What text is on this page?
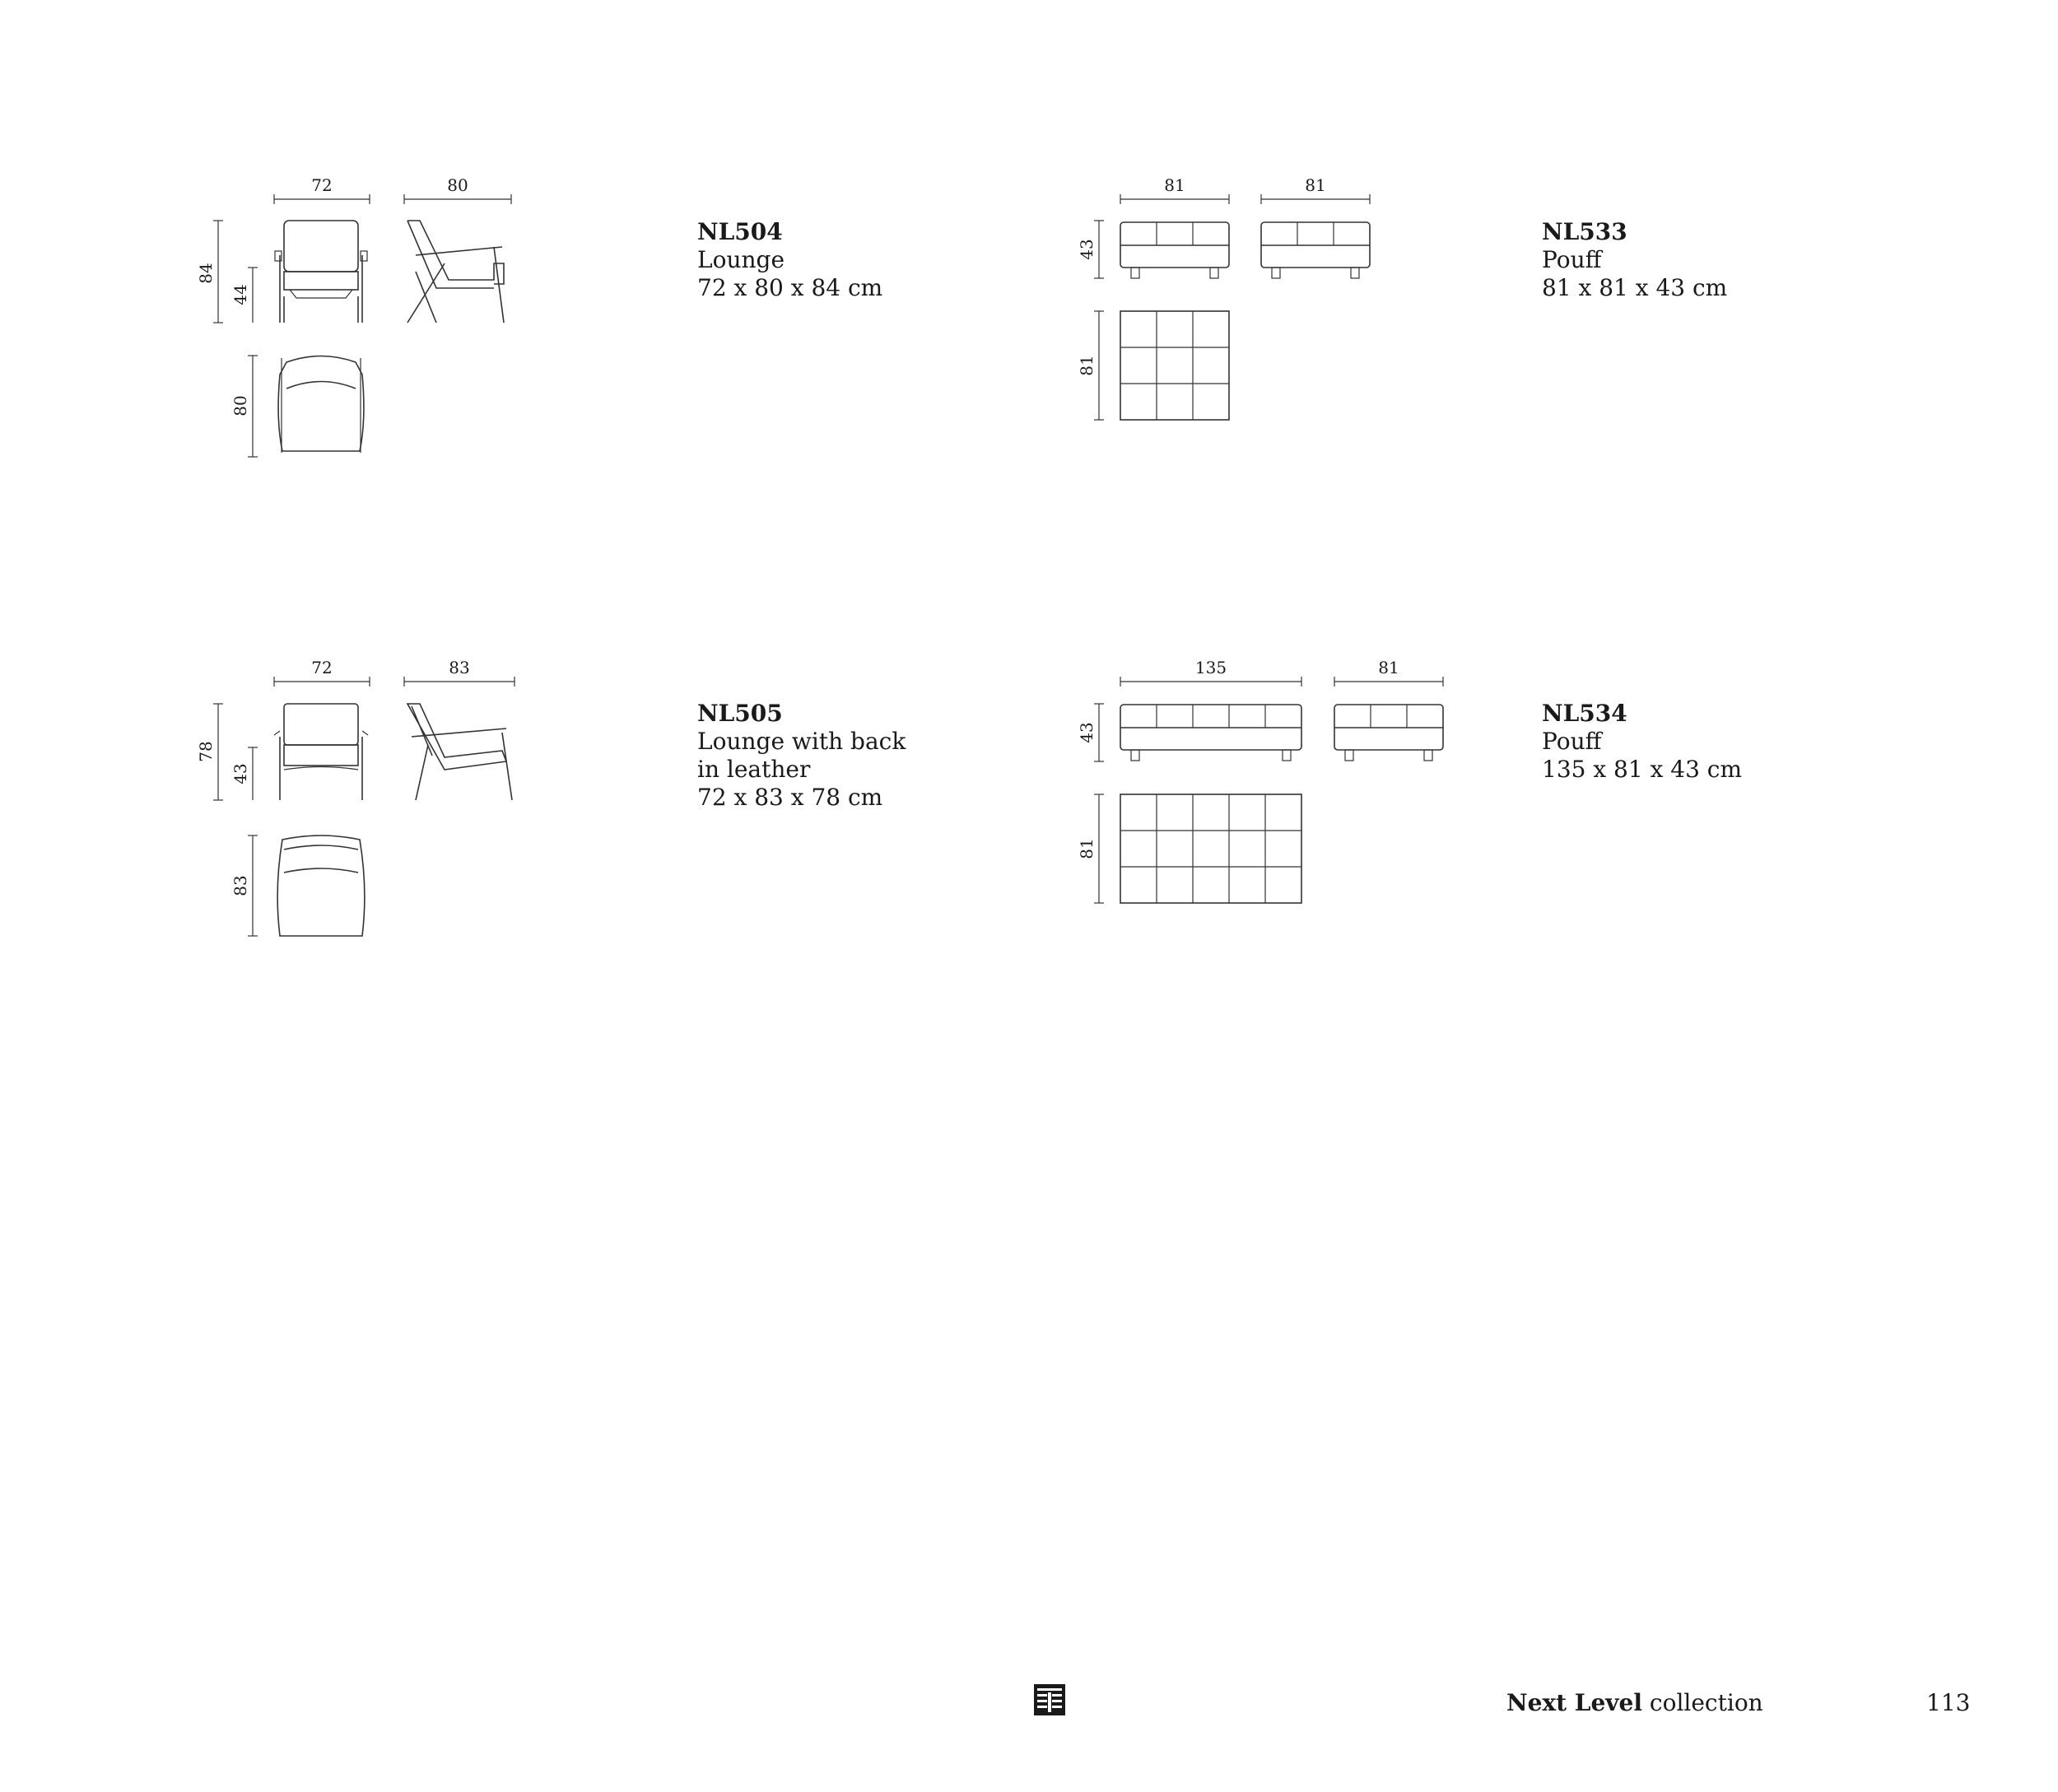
72	80
84
44
80
81	81
43
81
72	83
78
43
83
135	81
43
81
NL504
Lounge
72 x 80 x 84 cm
NL533
Pouff
81 x 81 x 43 cm
NL505
Lounge with back
in leather
72 x 83 x 78 cm
NL534
Pouff
135 x 81 x 43 cm
Next Level collection	113
